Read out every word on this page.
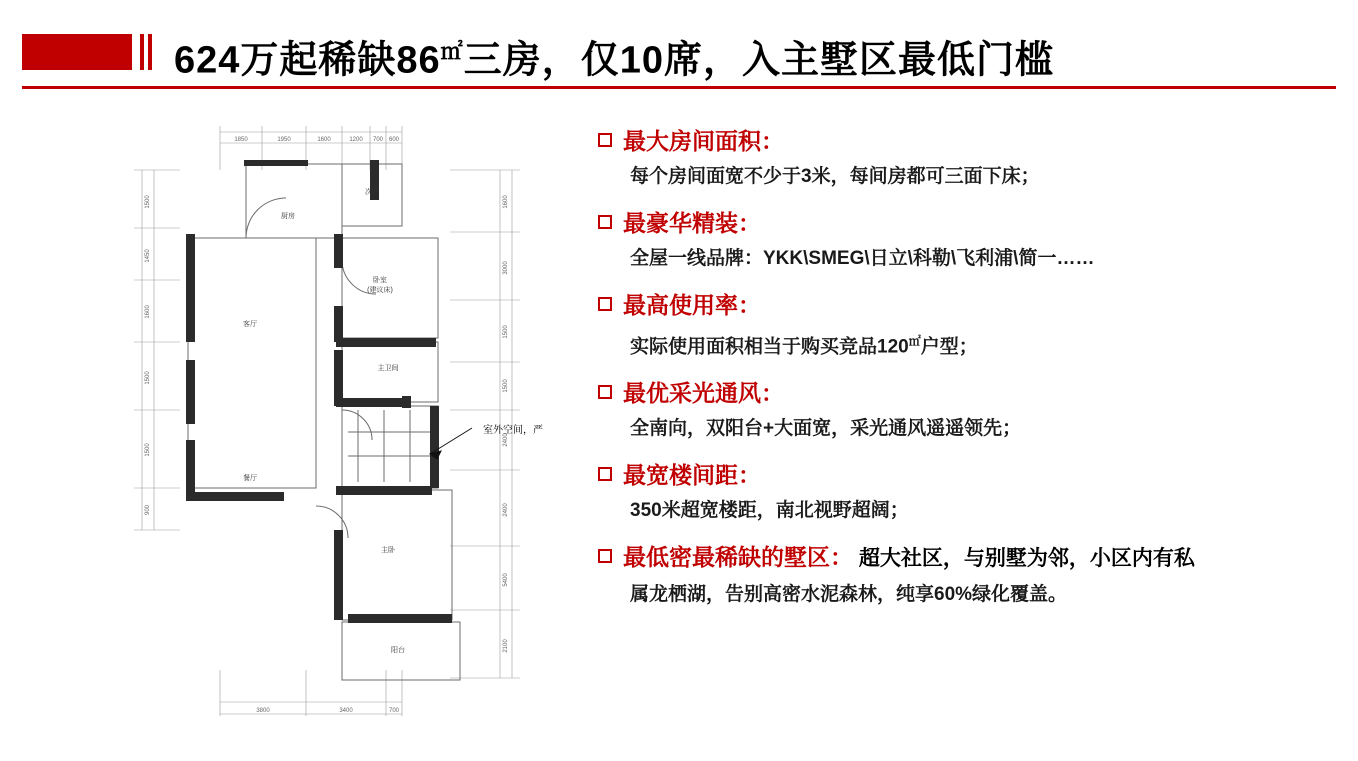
624万起稀缺86㎡三房，仅10席，入主墅区最低门槛
1850	1950	1600	1200 700 600
3800	3400	700
1500
1450
1600
1500
1500
900
1600
3000
1500
1500
2400
2400
5400
2100
厨房
次卧
卧室
(建议床)
客厅
主卫间
餐厅
主卧
阳台
室外空间，严
最大房间面积：
每个房间面宽不少于3米，每间房都可三面下床；
最豪华精装：
全屋一线品牌：YKK\SMEG\日立\科勒\飞利浦\简一……
最高使用率：
实际使用面积相当于购买竞品120㎡户型；
最优采光通风：
全南向，双阳台+大面宽，采光通风遥遥领先；
最宽楼间距：
350米超宽楼距，南北视野超阔；
最低密最稀缺的墅区： 超大社区，与别墅为邻，小区内有私
属龙栖湖，告别高密水泥森林，纯享60%绿化覆盖。
